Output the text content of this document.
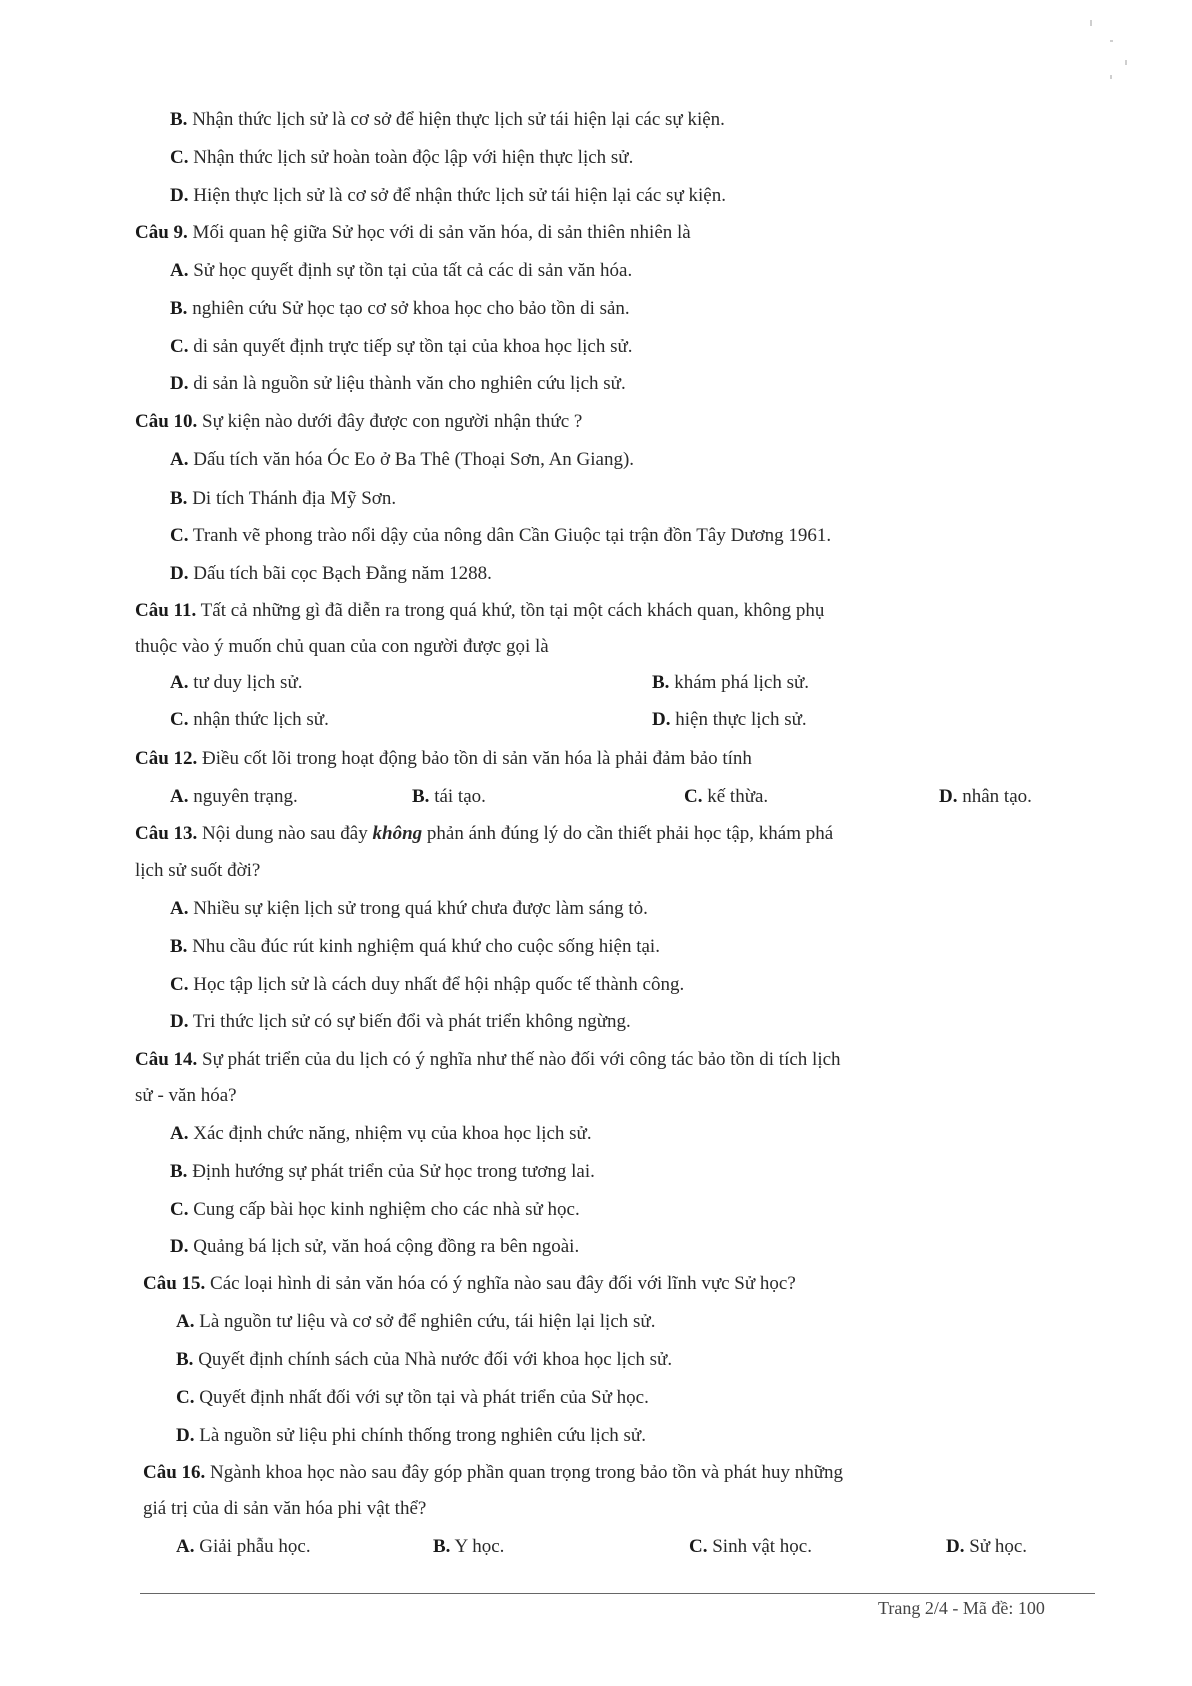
B. Nhận thức lịch sử là cơ sở để hiện thực lịch sử tái hiện lại các sự kiện.
C. Nhận thức lịch sử hoàn toàn độc lập với hiện thực lịch sử.
D. Hiện thực lịch sử là cơ sở để nhận thức lịch sử tái hiện lại các sự kiện.
Câu 9. Mối quan hệ giữa Sử học với di sản văn hóa, di sản thiên nhiên là
A. Sử học quyết định sự tồn tại của tất cả các di sản văn hóa.
B. nghiên cứu Sử học tạo cơ sở khoa học cho bảo tồn di sản.
C. di sản quyết định trực tiếp sự tồn tại của khoa học lịch sử.
D. di sản là nguồn sử liệu thành văn cho nghiên cứu lịch sử.
Câu 10. Sự kiện nào dưới đây được con người nhận thức ?
A. Dấu tích văn hóa Óc Eo ở Ba Thê (Thoại Sơn, An Giang).
B. Di tích Thánh địa Mỹ Sơn.
C. Tranh vẽ phong trào nổi dậy của nông dân Cần Giuộc tại trận đồn Tây Dương 1961.
D. Dấu tích bãi cọc Bạch Đằng năm 1288.
Câu 11. Tất cả những gì đã diễn ra trong quá khứ, tồn tại một cách khách quan, không phụ
thuộc vào ý muốn chủ quan của con người được gọi là
A. tư duy lịch sử.	B. khám phá lịch sử.
C. nhận thức lịch sử.	D. hiện thực lịch sử.
Câu 12. Điều cốt lõi trong hoạt động bảo tồn di sản văn hóa là phải đảm bảo tính
A. nguyên trạng.	B. tái tạo.	C. kế thừa.	D. nhân tạo.
Câu 13. Nội dung nào sau đây không phản ánh đúng lý do cần thiết phải học tập, khám phá
lịch sử suốt đời?
A. Nhiều sự kiện lịch sử trong quá khứ chưa được làm sáng tỏ.
B. Nhu cầu đúc rút kinh nghiệm quá khứ cho cuộc sống hiện tại.
C. Học tập lịch sử là cách duy nhất để hội nhập quốc tế thành công.
D. Tri thức lịch sử có sự biến đổi và phát triển không ngừng.
Câu 14. Sự phát triển của du lịch có ý nghĩa như thế nào đối với công tác bảo tồn di tích lịch
sử - văn hóa?
A. Xác định chức năng, nhiệm vụ của khoa học lịch sử.
B. Định hướng sự phát triển của Sử học trong tương lai.
C. Cung cấp bài học kinh nghiệm cho các nhà sử học.
D. Quảng bá lịch sử, văn hoá cộng đồng ra bên ngoài.
Câu 15. Các loại hình di sản văn hóa có ý nghĩa nào sau đây đối với lĩnh vực Sử học?
A. Là nguồn tư liệu và cơ sở để nghiên cứu, tái hiện lại lịch sử.
B. Quyết định chính sách của Nhà nước đối với khoa học lịch sử.
C. Quyết định nhất đối với sự tồn tại và phát triển của Sử học.
D. Là nguồn sử liệu phi chính thống trong nghiên cứu lịch sử.
Câu 16. Ngành khoa học nào sau đây góp phần quan trọng trong bảo tồn và phát huy những
giá trị của di sản văn hóa phi vật thể?
A. Giải phẫu học.	B. Y học.	C. Sinh vật học.	D. Sử học.
Trang 2/4 - Mã đề: 100
